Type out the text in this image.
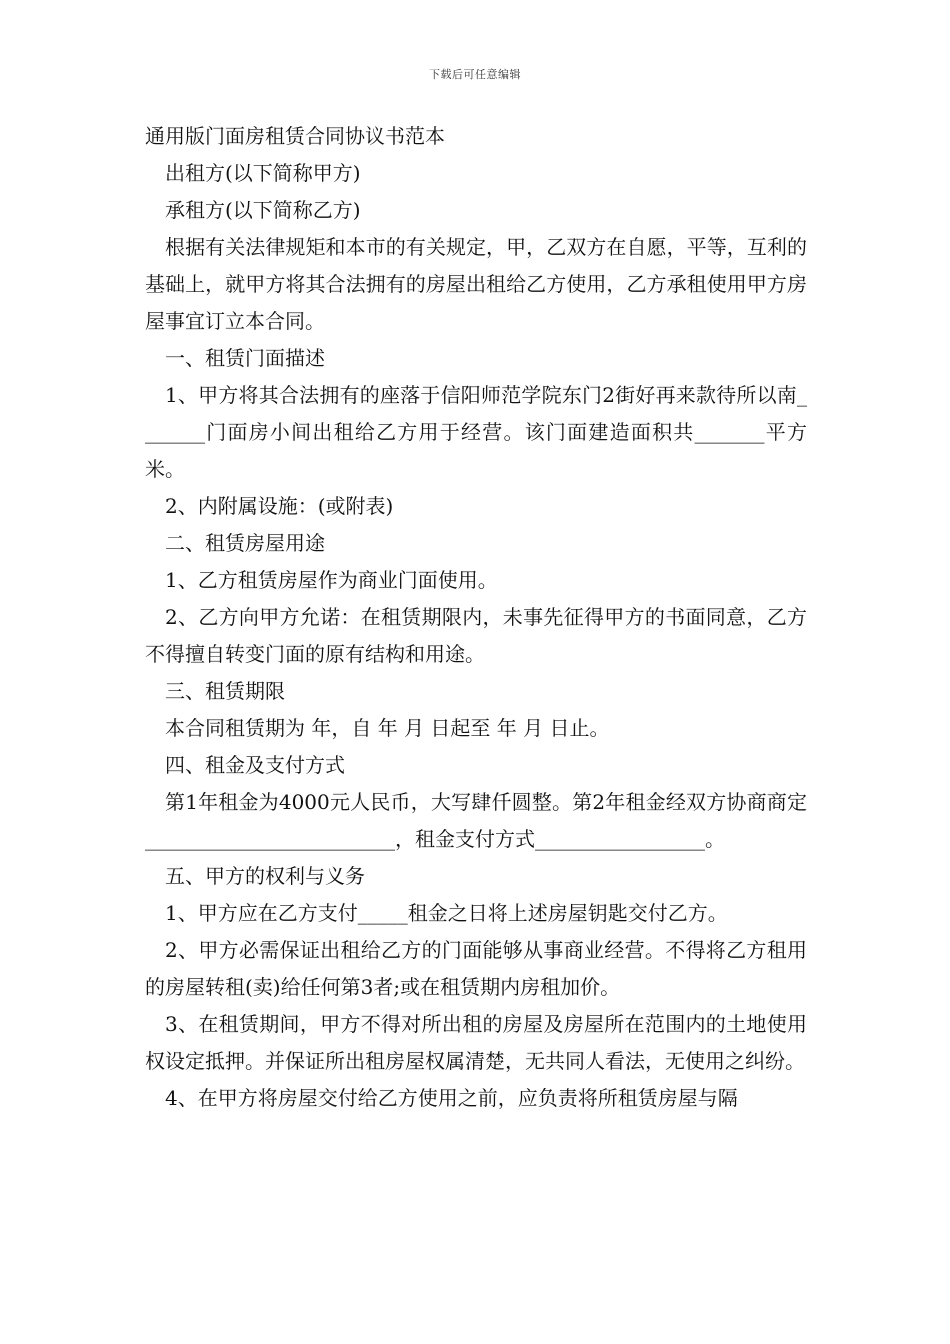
下载后可任意编辑

通用版门面房租赁合同协议书范本

出租方(以下简称甲方)

承租方(以下简称乙方)

根据有关法律规矩和本市的有关规定，甲，乙双方在自愿，平等，互利的基础上，就甲方将其合法拥有的房屋出租给乙方使用，乙方承租使用甲方房屋事宜订立本合同。

一、租赁门面描述

1、甲方将其合法拥有的座落于信阳师范学院东门2街好再来款待所以南_______门面房小间出租给乙方用于经营。该门面建造面积共_______平方米。

2、内附属设施：(或附表)

二、租赁房屋用途

1、乙方租赁房屋作为商业门面使用。

2、乙方向甲方允诺：在租赁期限内，未事先征得甲方的书面同意，乙方不得擅自转变门面的原有结构和用途。

三、租赁期限

本合同租赁期为 年，自 年 月 日起至 年 月 日止。

四、租金及支付方式

第1年租金为4000元人民币，大写肆仟圆整。第2年租金经双方协商商定_________________________，租金支付方式_________________。

五、甲方的权利与义务

1、甲方应在乙方支付_____租金之日将上述房屋钥匙交付乙方。

2、甲方必需保证出租给乙方的门面能够从事商业经营。不得将乙方租用的房屋转租(卖)给任何第3者;或在租赁期内房租加价。

3、在租赁期间，甲方不得对所出租的房屋及房屋所在范围内的土地使用权设定抵押。并保证所出租房屋权属清楚，无共同人看法，无使用之纠纷。

4、在甲方将房屋交付给乙方使用之前，应负责将所租赁房屋与隔
